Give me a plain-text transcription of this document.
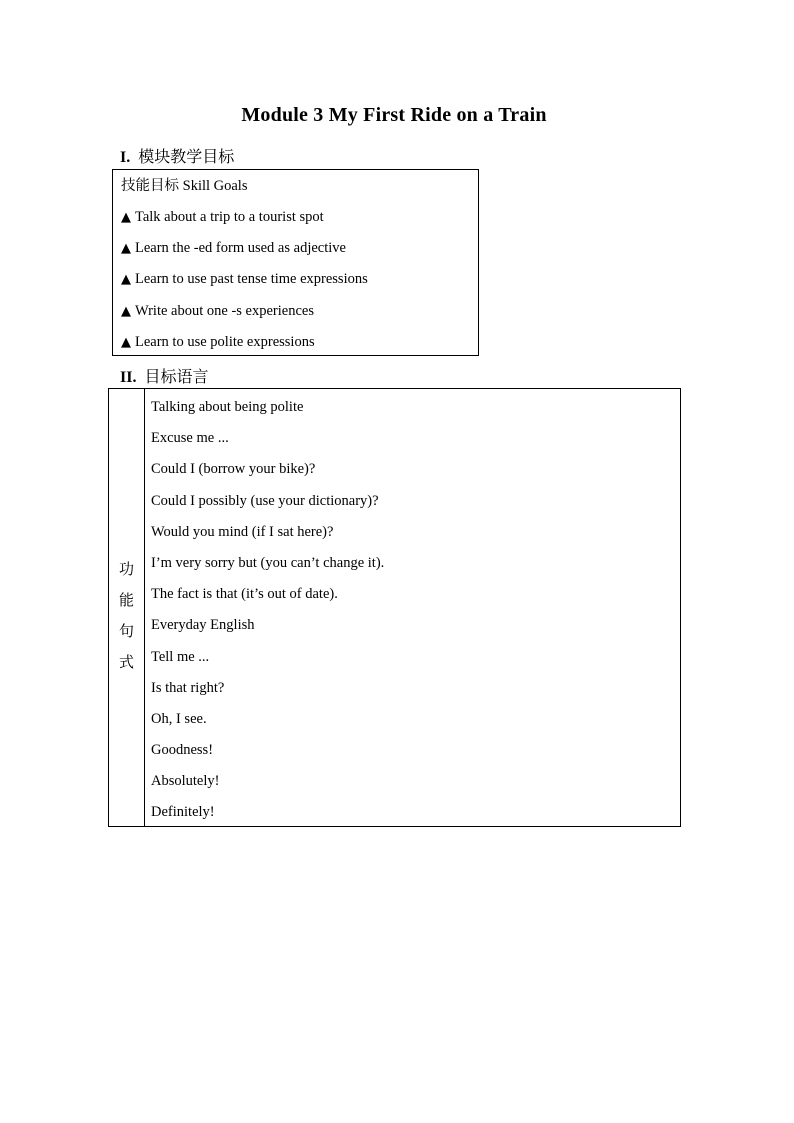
Module 3 My First Ride on a Train
I. 模块教学目标
技能目标 Skill Goals
▲ Talk about a trip to a tourist spot
▲ Learn the -ed form used as adjective
▲ Learn to use past tense time expressions
▲ Write about one -s experiences
▲ Learn to use polite expressions
II. 目标语言
功
能
句
式
Talking about being polite
Excuse me ...
Could I (borrow your bike)?
Could I possibly (use your dictionary)?
Would you mind (if I sat here)?
I’m very sorry but (you can’t change it).
The fact is that (it’s out of date).
Everyday English
Tell me ...
Is that right?
Oh, I see.
Goodness!
Absolutely!
Definitely!
